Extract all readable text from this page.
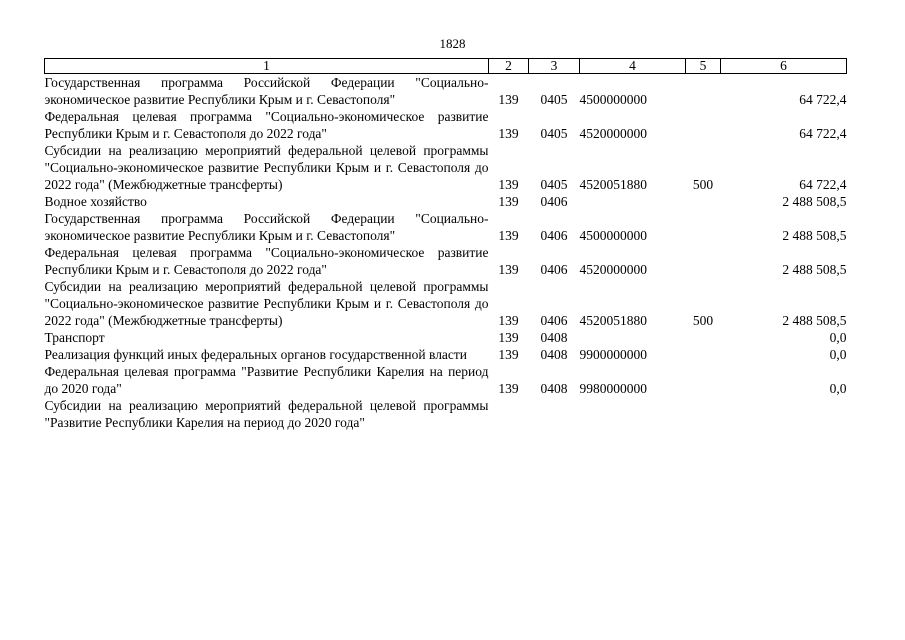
1828
1	2	3	4	5	6
Государственная программа Российской Федерации "Социально-экономическое развитие Республики Крым и г. Севастополя"	139	0405	4500000000		64 722,4
Федеральная целевая программа "Социально-экономическое развитие Республики Крым и г. Севастополя до 2022 года"	139	0405	4520000000		64 722,4
Субсидии на реализацию мероприятий федеральной целевой программы "Социально-экономическое развитие Республики Крым и г. Севастополя до 2022 года" (Межбюджетные трансферты)	139	0405	4520051880	500	64 722,4
Водное хозяйство	139	0406			2 488 508,5
Государственная программа Российской Федерации "Социально-экономическое развитие Республики Крым и г. Севастополя"	139	0406	4500000000		2 488 508,5
Федеральная целевая программа "Социально-экономическое развитие Республики Крым и г. Севастополя до 2022 года"	139	0406	4520000000		2 488 508,5
Субсидии на реализацию мероприятий федеральной целевой программы "Социально-экономическое развитие Республики Крым и г. Севастополя до 2022 года" (Межбюджетные трансферты)	139	0406	4520051880	500	2 488 508,5
Транспорт	139	0408			0,0
Реализация функций иных федеральных органов государственной власти	139	0408	9900000000		0,0
Федеральная целевая программа "Развитие Республики Карелия на период до 2020 года"	139	0408	9980000000		0,0
Субсидии на реализацию мероприятий федеральной целевой программы "Развитие Республики Карелия на период до 2020 года"					
